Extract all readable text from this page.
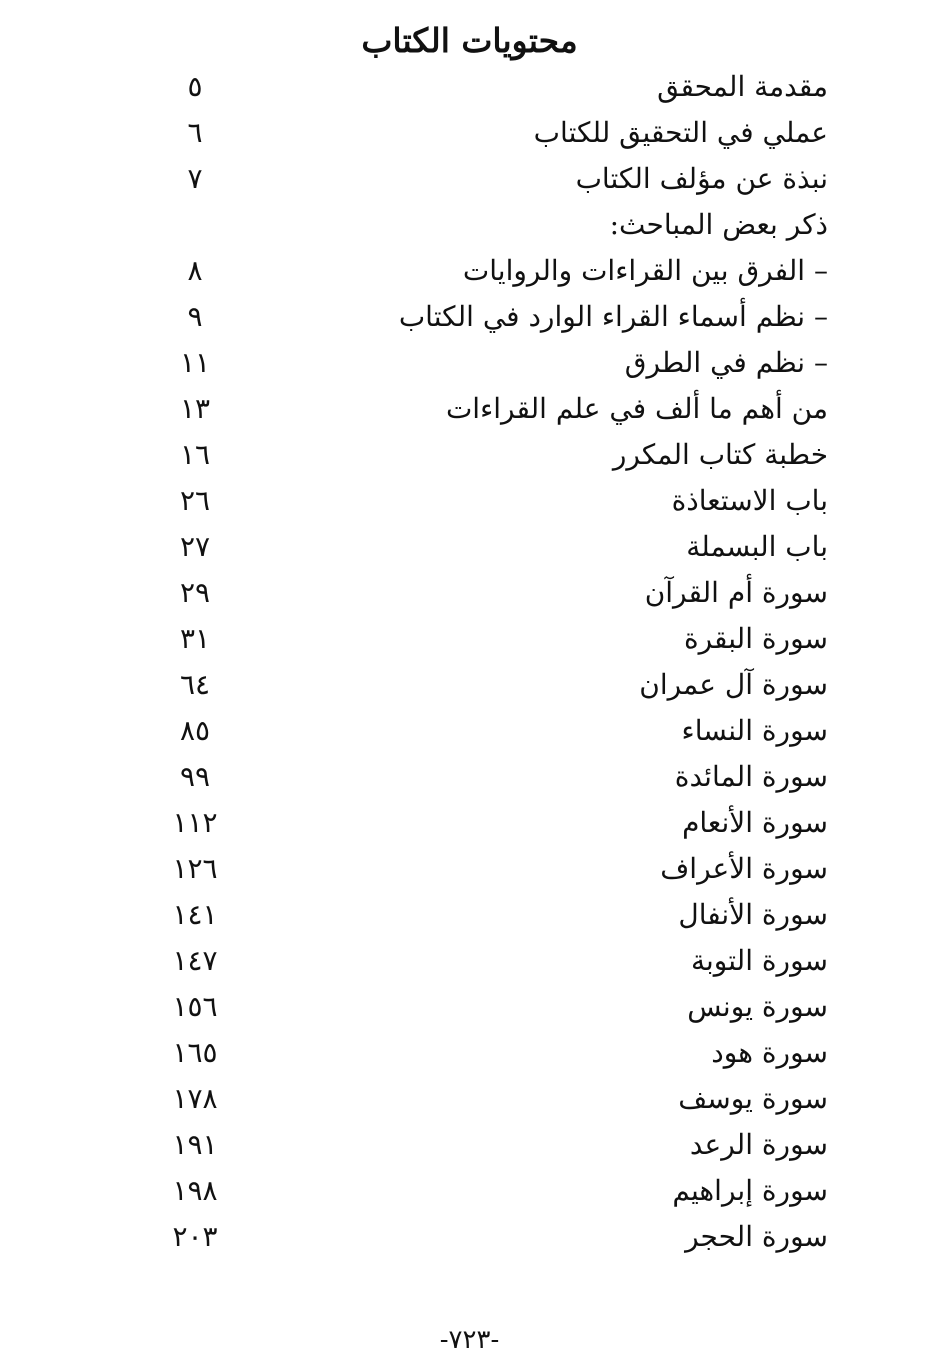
محتويات الكتاب
مقدمة المحقق
٥
عملي في التحقيق للكتاب
٦
نبذة عن مؤلف الكتاب
٧
ذكر بعض المباحث:
– الفرق بين القراءات والروايات
٨
– نظم أسماء القراء الوارد في الكتاب
٩
– نظم في الطرق
١١
من أهم ما ألف في علم القراءات
١٣
خطبة كتاب المكرر
١٦
باب الاستعاذة
٢٦
باب البسملة
٢٧
سورة أم القرآن
٢٩
سورة البقرة
٣١
سورة آل عمران
٦٤
سورة النساء
٨٥
سورة المائدة
٩٩
سورة الأنعام
١١٢
سورة الأعراف
١٢٦
سورة الأنفال
١٤١
سورة التوبة
١٤٧
سورة يونس
١٥٦
سورة هود
١٦٥
سورة يوسف
١٧٨
سورة الرعد
١٩١
سورة إبراهيم
١٩٨
سورة الحجر
٢٠٣
-٧٢٣-
